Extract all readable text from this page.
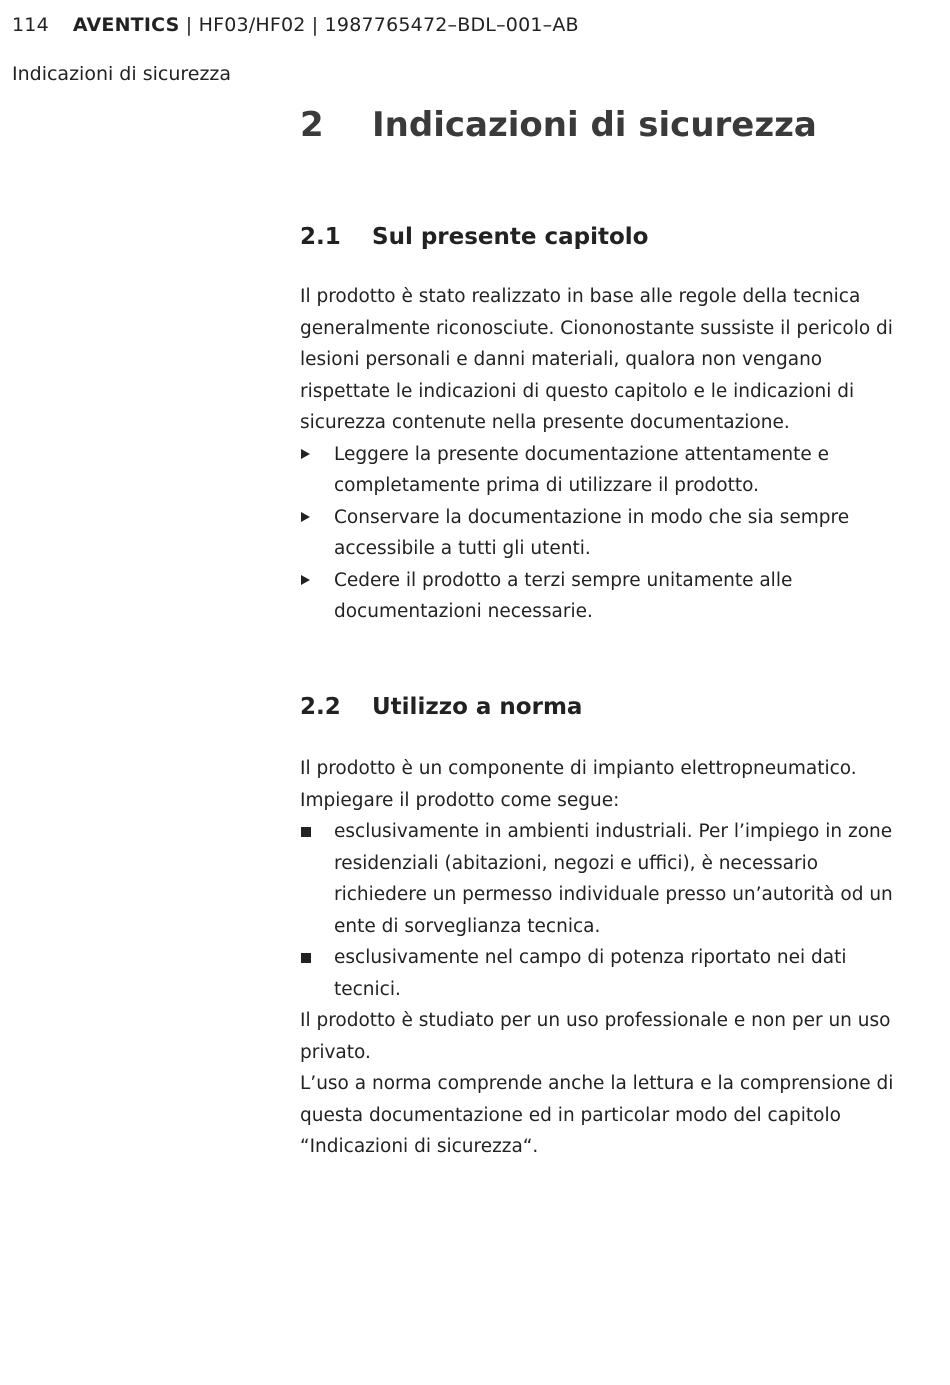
114 AVENTICS | HF03/HF02 | 1987765472–BDL–001–AB
Indicazioni di sicurezza
2 Indicazioni di sicurezza
2.1 Sul presente capitolo

Il prodotto è stato realizzato in base alle regole della tecnica generalmente riconosciute. Ciononostante sussiste il pericolo di lesioni personali e danni materiali, qualora non vengano rispettate le indicazioni di questo capitolo e le indicazioni di sicurezza contenute nella presente documentazione.

Leggere la presente documentazione attentamente e completamente prima di utilizzare il prodotto.
Conservare la documentazione in modo che sia sempre accessibile a tutti gli utenti.
Cedere il prodotto a terzi sempre unitamente alle documentazioni necessarie.
2.2 Utilizzo a norma

Il prodotto è un componente di impianto elettropneumatico.

Impiegare il prodotto come segue:

esclusivamente in ambienti industriali. Per l’impiego in zone residenziali (abitazioni, negozi e uffici), è necessario richiedere un permesso individuale presso un’autorità od un ente di sorveglianza tecnica.
esclusivamente nel campo di potenza riportato nei dati tecnici.

Il prodotto è studiato per un uso professionale e non per un uso privato.

L’uso a norma comprende anche la lettura e la comprensione di questa documentazione ed in particolar modo del capitolo “Indicazioni di sicurezza“.
